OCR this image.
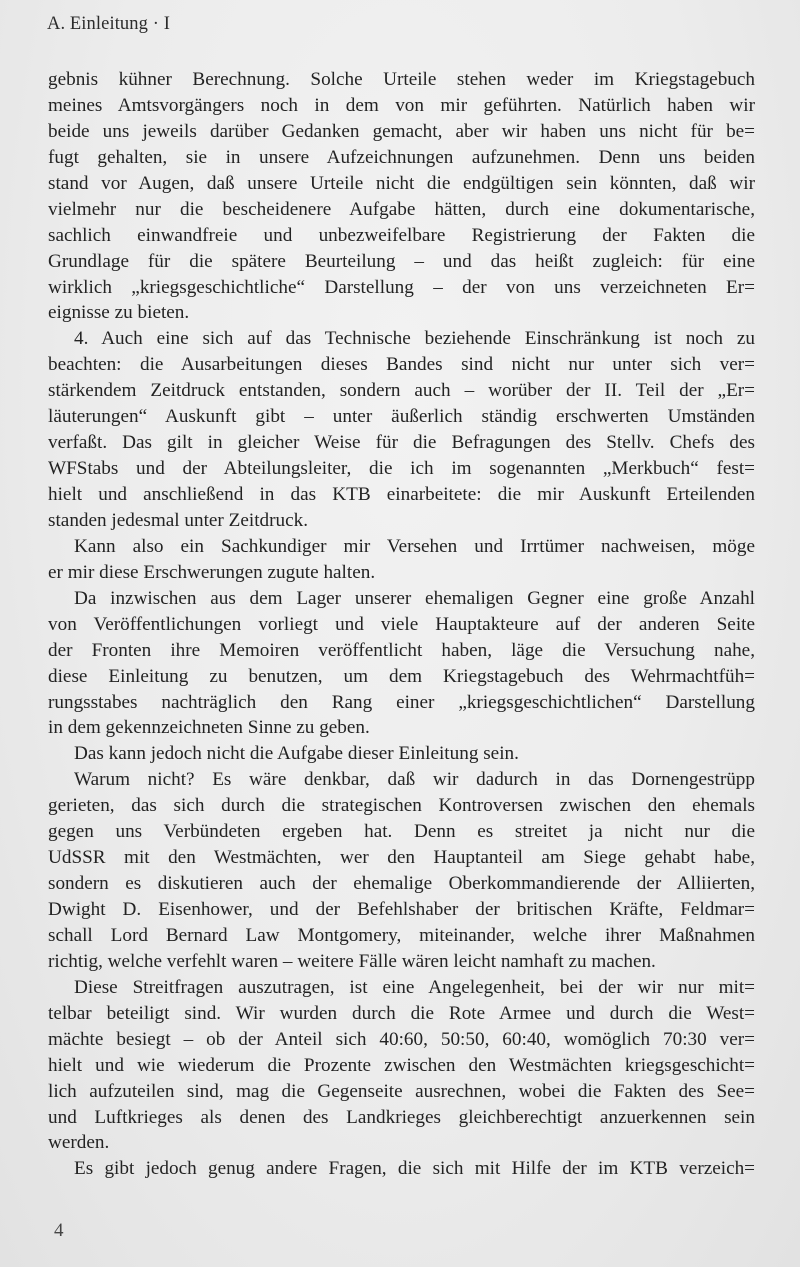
A. Einleitung · I
gebnis kühner Berechnung. Solche Urteile stehen weder im Kriegstagebuch
meines Amtsvorgängers noch in dem von mir geführten. Natürlich haben wir
beide uns jeweils darüber Gedanken gemacht, aber wir haben uns nicht für be=
fugt gehalten, sie in unsere Aufzeichnungen aufzunehmen. Denn uns beiden
stand vor Augen, daß unsere Urteile nicht die endgültigen sein könnten, daß wir
vielmehr nur die bescheidenere Aufgabe hätten, durch eine dokumentarische,
sachlich einwandfreie und unbezweifelbare Registrierung der Fakten die
Grundlage für die spätere Beurteilung – und das heißt zugleich: für eine
wirklich „kriegsgeschichtliche“ Darstellung – der von uns verzeichneten Er=
eignisse zu bieten.
4. Auch eine sich auf das Technische beziehende Einschränkung ist noch zu
beachten: die Ausarbeitungen dieses Bandes sind nicht nur unter sich ver=
stärkendem Zeitdruck entstanden, sondern auch – worüber der II. Teil der „Er=
läuterungen“ Auskunft gibt – unter äußerlich ständig erschwerten Umständen
verfaßt. Das gilt in gleicher Weise für die Befragungen des Stellv. Chefs des
WFStabs und der Abteilungsleiter, die ich im sogenannten „Merkbuch“ fest=
hielt und anschließend in das KTB einarbeitete: die mir Auskunft Erteilenden
standen jedesmal unter Zeitdruck.
Kann also ein Sachkundiger mir Versehen und Irrtümer nachweisen, möge
er mir diese Erschwerungen zugute halten.
Da inzwischen aus dem Lager unserer ehemaligen Gegner eine große Anzahl
von Veröffentlichungen vorliegt und viele Hauptakteure auf der anderen Seite
der Fronten ihre Memoiren veröffentlicht haben, läge die Versuchung nahe,
diese Einleitung zu benutzen, um dem Kriegstagebuch des Wehrmachtfüh=
rungsstabes nachträglich den Rang einer „kriegsgeschichtlichen“ Darstellung
in dem gekennzeichneten Sinne zu geben.
Das kann jedoch nicht die Aufgabe dieser Einleitung sein.
Warum nicht? Es wäre denkbar, daß wir dadurch in das Dornengestrüpp
gerieten, das sich durch die strategischen Kontroversen zwischen den ehemals
gegen uns Verbündeten ergeben hat. Denn es streitet ja nicht nur die
UdSSR mit den Westmächten, wer den Hauptanteil am Siege gehabt habe,
sondern es diskutieren auch der ehemalige Oberkommandierende der Alliierten,
Dwight D. Eisenhower, und der Befehlshaber der britischen Kräfte, Feldmar=
schall Lord Bernard Law Montgomery, miteinander, welche ihrer Maßnahmen
richtig, welche verfehlt waren – weitere Fälle wären leicht namhaft zu machen.
Diese Streitfragen auszutragen, ist eine Angelegenheit, bei der wir nur mit=
telbar beteiligt sind. Wir wurden durch die Rote Armee und durch die West=
mächte besiegt – ob der Anteil sich 40:60, 50:50, 60:40, womöglich 70:30 ver=
hielt und wie wiederum die Prozente zwischen den Westmächten kriegsgeschicht=
lich aufzuteilen sind, mag die Gegenseite ausrechnen, wobei die Fakten des See=
und Luftkrieges als denen des Landkrieges gleichberechtigt anzuerkennen sein
werden.
Es gibt jedoch genug andere Fragen, die sich mit Hilfe der im KTB verzeich=
4
